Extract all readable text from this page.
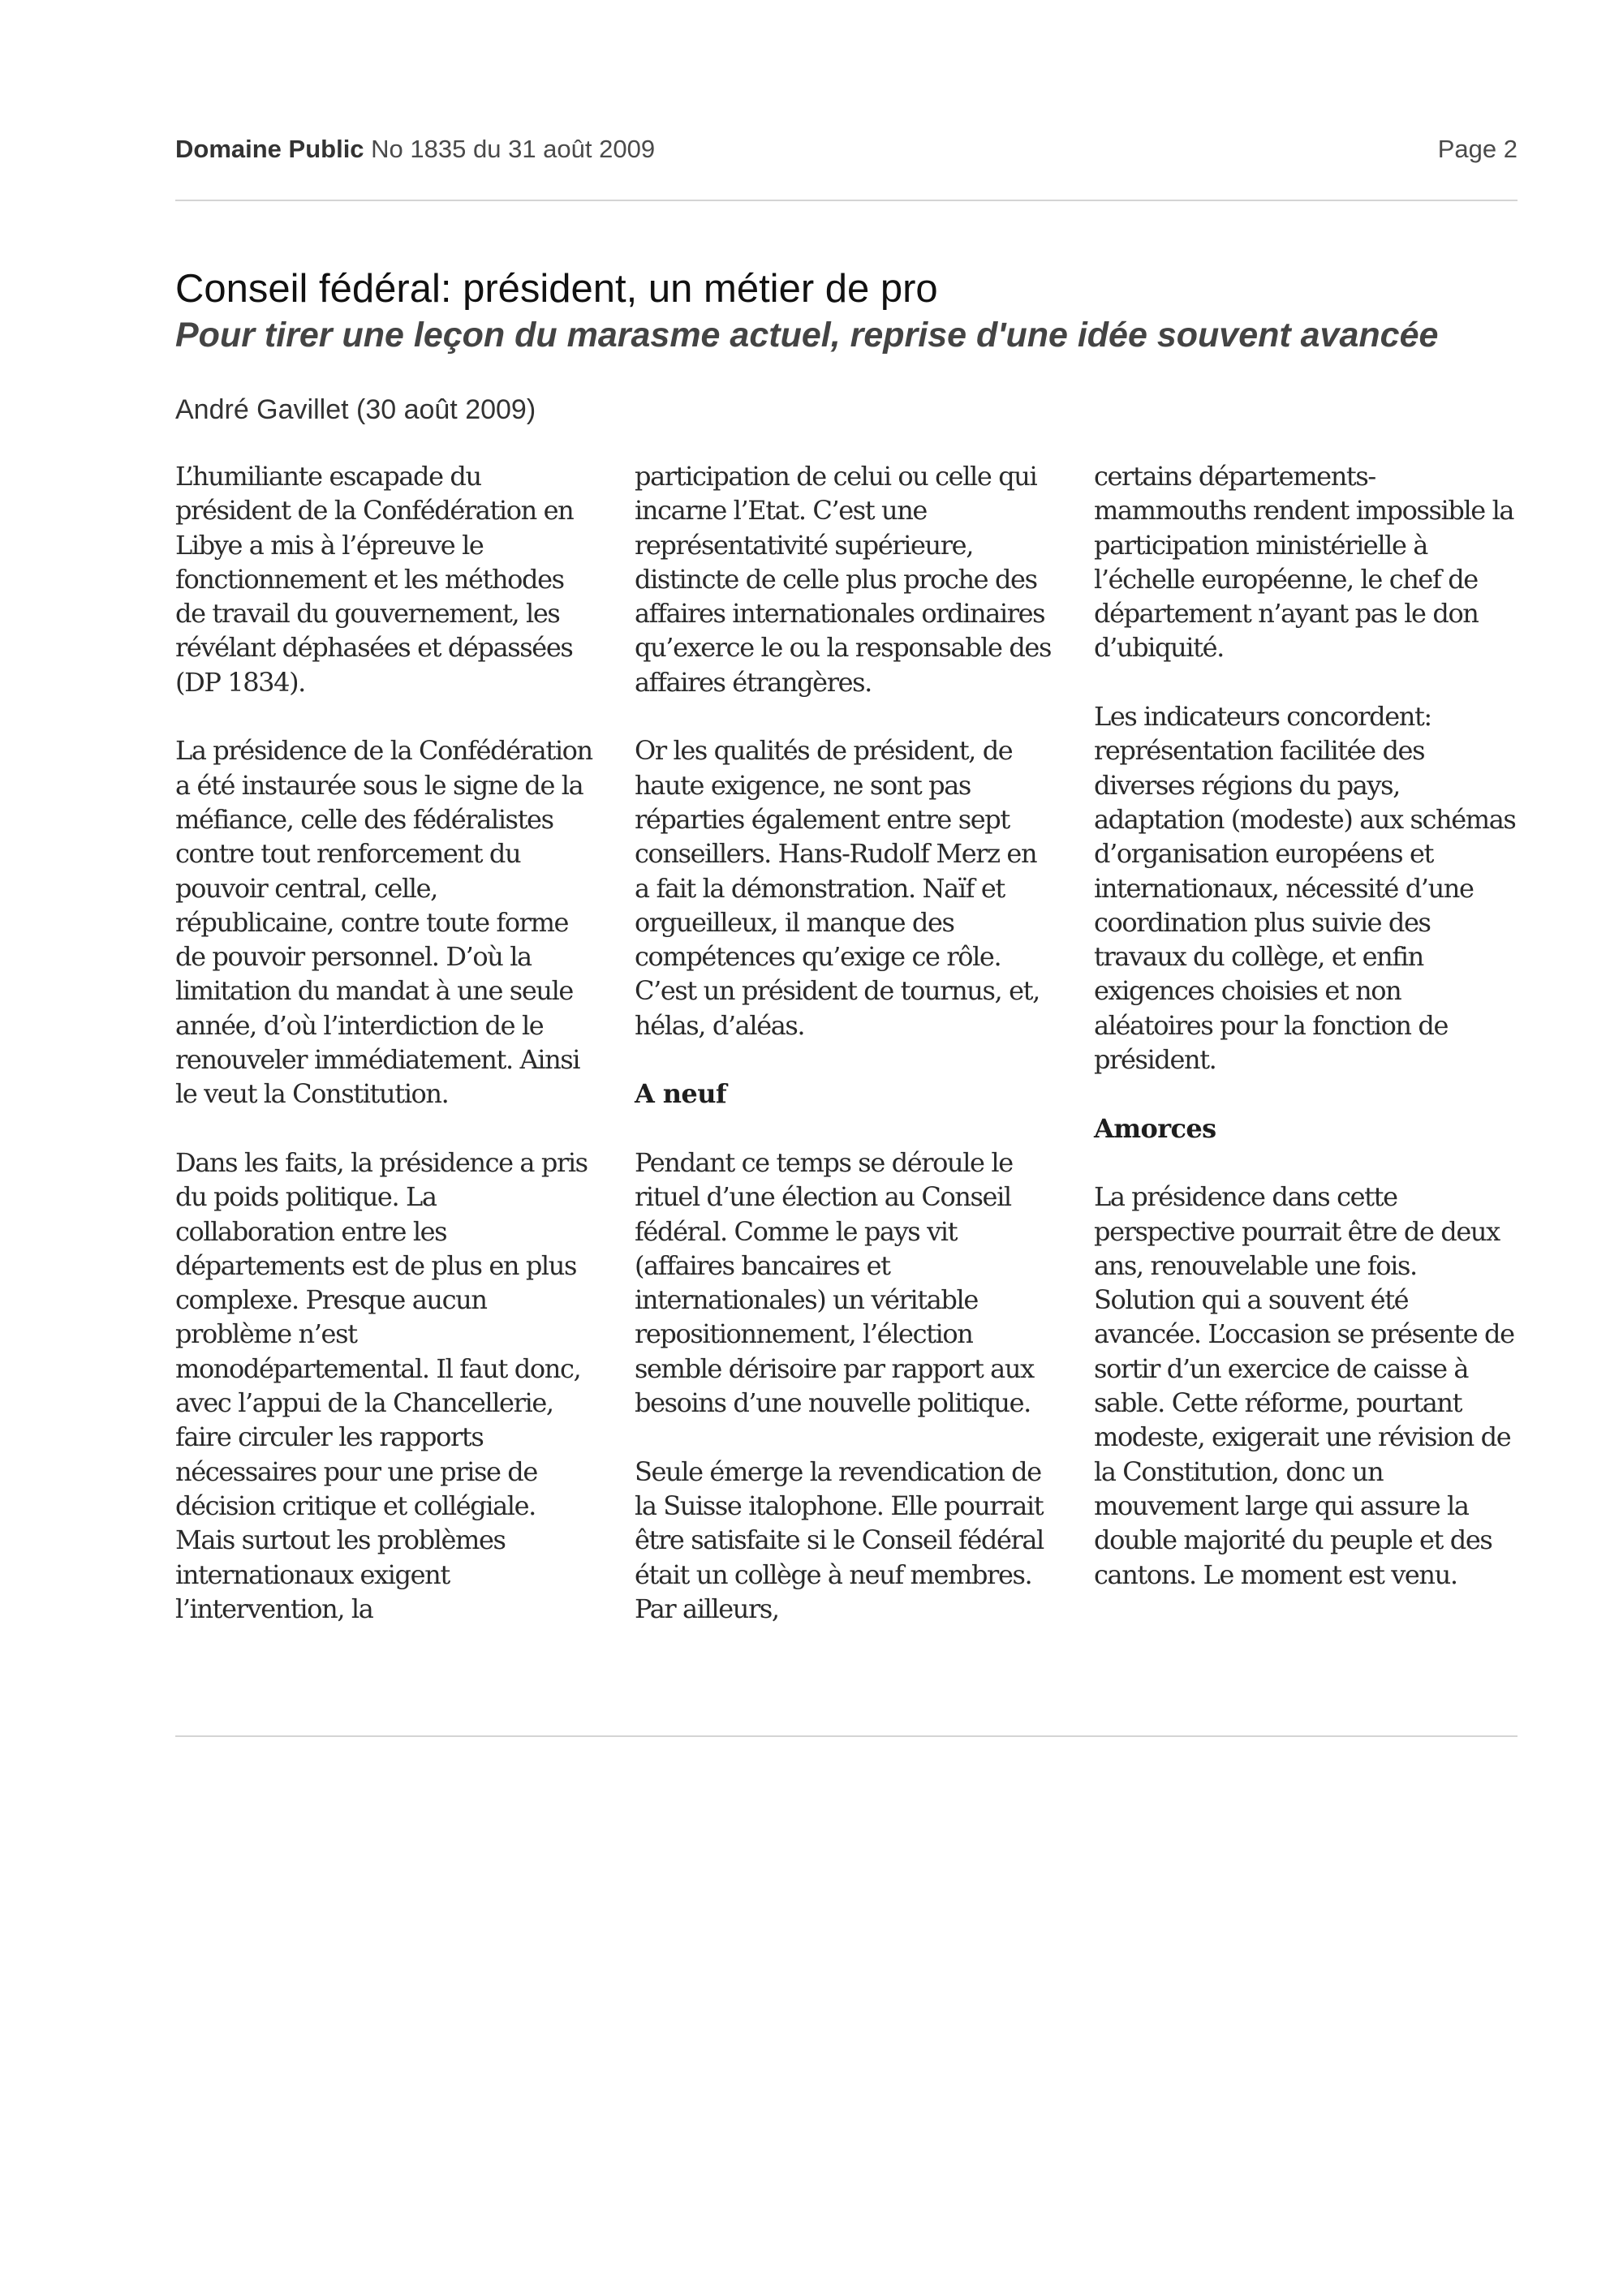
Domaine Public No 1835 du 31 août 2009	Page 2
Conseil fédéral: président, un métier de pro
Pour tirer une leçon du marasme actuel, reprise d'une idée souvent avancée

André Gavillet (30 août 2009)

L’humiliante escapade du président de la Confédération en Libye a mis à l’épreuve le fonctionnement et les méthodes de travail du gouvernement, les révélant déphasées et dépassées (DP 1834).

La présidence de la Confédération a été instaurée sous le signe de la méfiance, celle des fédéralistes contre tout renforcement du pouvoir central, celle, républicaine, contre toute forme de pouvoir personnel. D’où la limitation du mandat à une seule année, d’où l’interdiction de le renouveler immédiatement. Ainsi le veut la Constitution.

Dans les faits, la présidence a pris du poids politique. La collaboration entre les départements est de plus en plus complexe. Presque aucun problème n’est monodépartemental. Il faut donc, avec l’appui de la Chancellerie, faire circuler les rapports nécessaires pour une prise de décision critique et collégiale. Mais surtout les problèmes internationaux exigent l’intervention, la

participation de celui ou celle qui incarne l’Etat. C’est une représentativité supérieure, distincte de celle plus proche des affaires internationales ordinaires qu’exerce le ou la responsable des affaires étrangères.

Or les qualités de président, de haute exigence, ne sont pas réparties également entre sept conseillers. Hans-Rudolf Merz en a fait la démonstration. Naïf et orgueilleux, il manque des compétences qu’exige ce rôle. C’est un président de tournus, et, hélas, d’aléas.

A neuf

Pendant ce temps se déroule le rituel d’une élection au Conseil fédéral. Comme le pays vit (affaires bancaires et internationales) un véritable repositionnement, l’élection semble dérisoire par rapport aux besoins d’une nouvelle politique.

Seule émerge la revendication de la Suisse italophone. Elle pourrait être satisfaite si le Conseil fédéral était un collège à neuf membres. Par ailleurs,

certains départements-mammouths rendent impossible la participation ministérielle à l’échelle européenne, le chef de département n’ayant pas le don d’ubiquité.

Les indicateurs concordent: représentation facilitée des diverses régions du pays, adaptation (modeste) aux schémas d’organisation européens et internationaux, nécessité d’une coordination plus suivie des travaux du collège, et enfin exigences choisies et non aléatoires pour la fonction de président.

Amorces

La présidence dans cette perspective pourrait être de deux ans, renouvelable une fois. Solution qui a souvent été avancée. L’occasion se présente de sortir d’un exercice de caisse à sable. Cette réforme, pourtant modeste, exigerait une révision de la Constitution, donc un mouvement large qui assure la double majorité du peuple et des cantons. Le moment est venu.
